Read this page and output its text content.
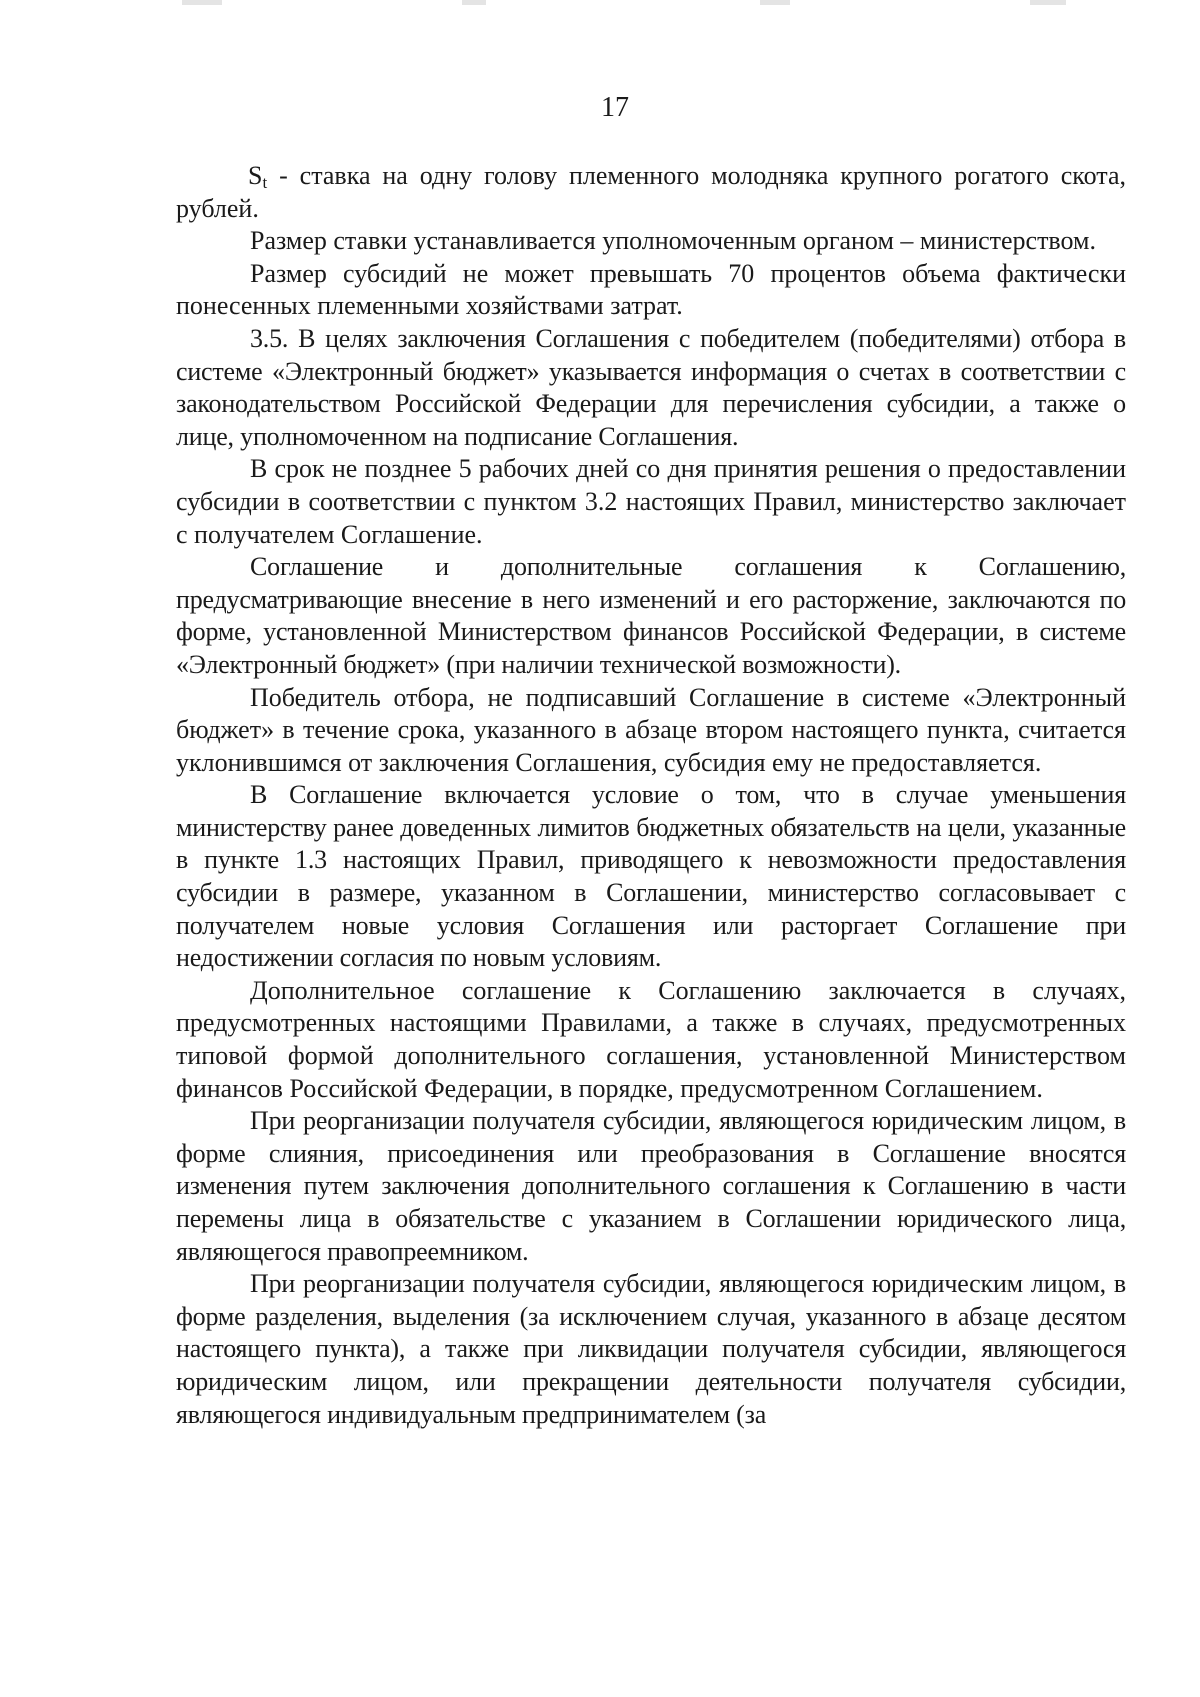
17

$S_t$ - ставка на одну голову племенного молодняка крупного рогатого скота, рублей.

Размер ставки устанавливается уполномоченным органом – министерством.

Размер субсидий не может превышать 70 процентов объема фактически понесенных племенными хозяйствами затрат.

3.5. В целях заключения Соглашения с победителем (победителями) отбора в системе «Электронный бюджет» указывается информация о счетах в соответствии с законодательством Российской Федерации для перечисления субсидии, а также о лице, уполномоченном на подписание Соглашения.

В срок не позднее 5 рабочих дней со дня принятия решения о предоставлении субсидии в соответствии с пунктом 3.2 настоящих Правил, министерство заключает с получателем Соглашение.

Соглашение и дополнительные соглашения к Соглашению, предусматривающие внесение в него изменений и его расторжение, заключаются по форме, установленной Министерством финансов Российской Федерации, в системе «Электронный бюджет» (при наличии технической возможности).

Победитель отбора, не подписавший Соглашение в системе «Электронный бюджет» в течение срока, указанного в абзаце втором настоящего пункта, считается уклонившимся от заключения Соглашения, субсидия ему не предоставляется.

В Соглашение включается условие о том, что в случае уменьшения министерству ранее доведенных лимитов бюджетных обязательств на цели, указанные в пункте 1.3 настоящих Правил, приводящего к невозможности предоставления субсидии в размере, указанном в Соглашении, министерство согласовывает с получателем новые условия Соглашения или расторгает Соглашение при недостижении согласия по новым условиям.

Дополнительное соглашение к Соглашению заключается в случаях, предусмотренных настоящими Правилами, а также в случаях, предусмотренных типовой формой дополнительного соглашения, установленной Министерством финансов Российской Федерации, в порядке, предусмотренном Соглашением.

При реорганизации получателя субсидии, являющегося юридическим лицом, в форме слияния, присоединения или преобразования в Соглашение вносятся изменения путем заключения дополнительного соглашения к Соглашению в части перемены лица в обязательстве с указанием в Соглашении юридического лица, являющегося правопреемником.

При реорганизации получателя субсидии, являющегося юридическим лицом, в форме разделения, выделения (за исключением случая, указанного в абзаце десятом настоящего пункта), а также при ликвидации получателя субсидии, являющегося юридическим лицом, или прекращении деятельности получателя субсидии, являющегося индивидуальным предпринимателем (за
